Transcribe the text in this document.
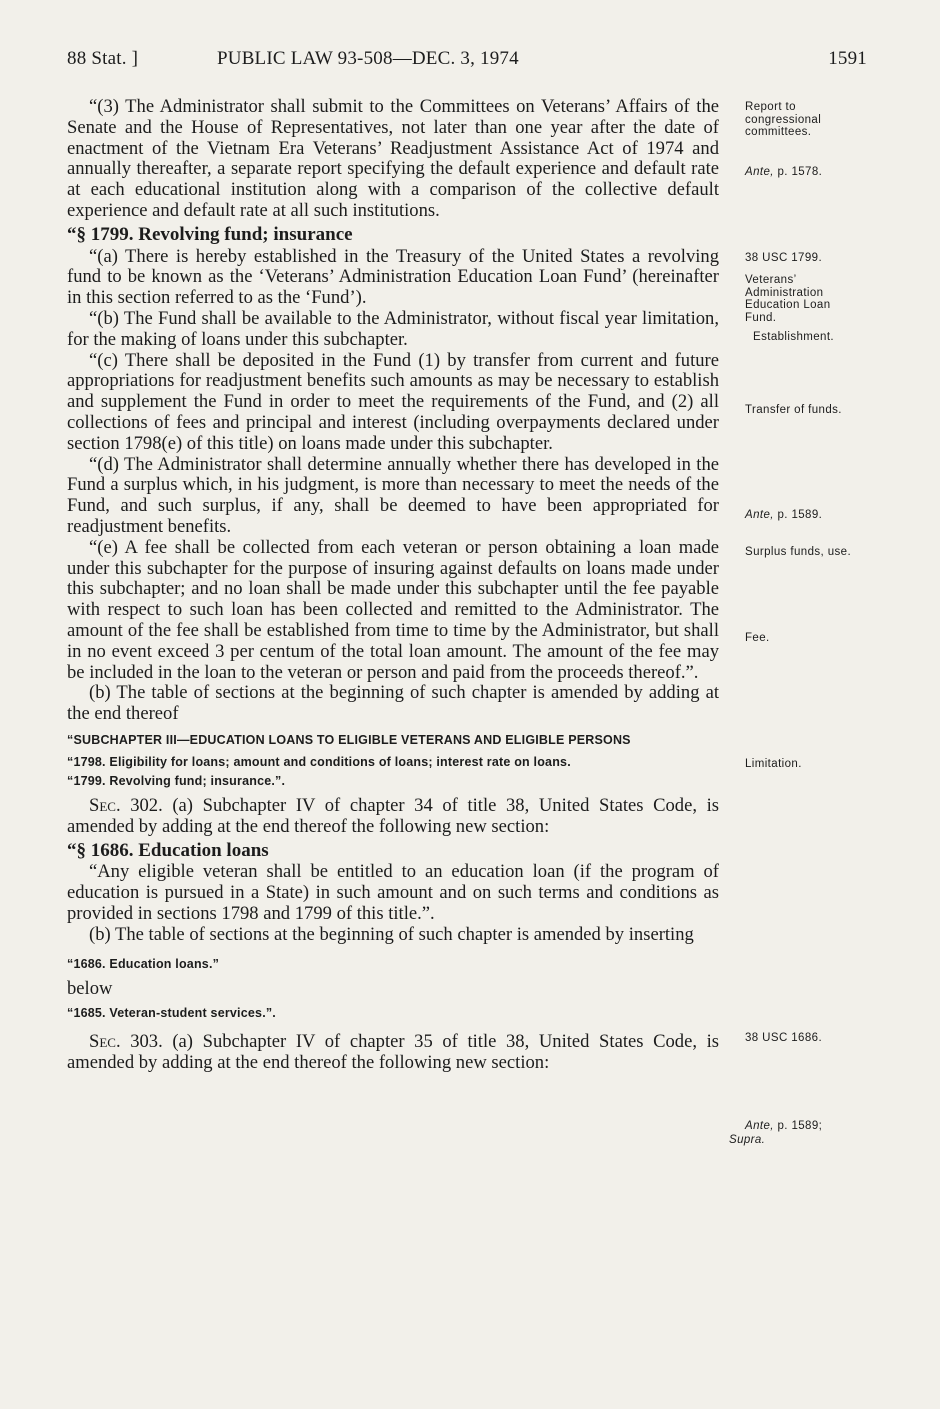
88 Stat. ]	PUBLIC LAW 93-508—DEC. 3, 1974	1591

“(3) The Administrator shall submit to the Committees on Veterans’ Affairs of the Senate and the House of Representatives, not later than one year after the date of enactment of the Vietnam Era Veterans’ Readjustment Assistance Act of 1974 and annually thereafter, a separate report specifying the default experience and default rate at each educational institution along with a comparison of the collective default experience and default rate at all such institutions.

“§ 1799. Revolving fund; insurance

“(a) There is hereby established in the Treasury of the United States a revolving fund to be known as the ‘Veterans’ Administration Education Loan Fund’ (hereinafter in this section referred to as the ‘Fund’).

“(b) The Fund shall be available to the Administrator, without fiscal year limitation, for the making of loans under this subchapter.

“(c) There shall be deposited in the Fund (1) by transfer from current and future appropriations for readjustment benefits such amounts as may be necessary to establish and supplement the Fund in order to meet the requirements of the Fund, and (2) all collections of fees and principal and interest (including overpayments declared under section 1798(e) of this title) on loans made under this subchapter.

“(d) The Administrator shall determine annually whether there has developed in the Fund a surplus which, in his judgment, is more than necessary to meet the needs of the Fund, and such surplus, if any, shall be deemed to have been appropriated for readjustment benefits.

“(e) A fee shall be collected from each veteran or person obtaining a loan made under this subchapter for the purpose of insuring against defaults on loans made under this subchapter; and no loan shall be made under this subchapter until the fee payable with respect to such loan has been collected and remitted to the Administrator. The amount of the fee shall be established from time to time by the Administrator, but shall in no event exceed 3 per centum of the total loan amount. The amount of the fee may be included in the loan to the veteran or person and paid from the proceeds thereof.”.

(b) The table of sections at the beginning of such chapter is amended by adding at the end thereof

“SUBCHAPTER III—EDUCATION LOANS TO ELIGIBLE VETERANS AND ELIGIBLE PERSONS

“1798. Eligibility for loans; amount and conditions of loans; interest rate on loans.

“1799. Revolving fund; insurance.”.

Sec. 302. (a) Subchapter IV of chapter 34 of title 38, United States Code, is amended by adding at the end thereof the following new section:

“§ 1686. Education loans

“Any eligible veteran shall be entitled to an education loan (if the program of education is pursued in a State) in such amount and on such terms and conditions as provided in sections 1798 and 1799 of this title.”.

(b) The table of sections at the beginning of such chapter is amended by inserting

“1686. Education loans.”

below

“1685. Veteran-student services.”.

Sec. 303. (a) Subchapter IV of chapter 35 of title 38, United States Code, is amended by adding at the end thereof the following new section:

Report to congressional committees.
Ante, p. 1578.
38 USC 1799.
Veterans’ Administration Education Loan Fund.
Establishment.
Transfer of funds.
Ante, p. 1589.
Surplus funds, use.
Fee.
Limitation.
38 USC 1686.
Ante, p. 1589;
Supra.
